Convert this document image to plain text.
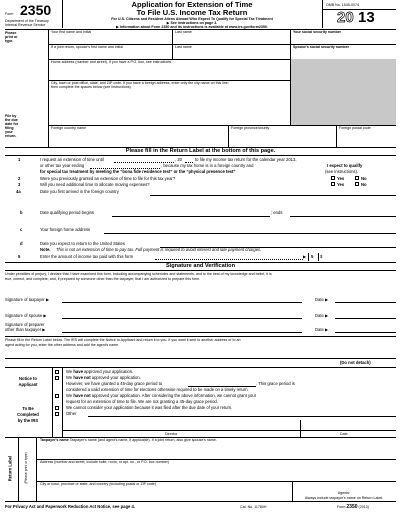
Form 2350
Department of the Treasury
Internal Revenue Service
Application for Extension of Time
To File U.S. Income Tax Return
For U.S. Citizens and Resident Aliens Abroad Who Expect To Qualify for Special Tax Treatment
▶ See instructions on page 3.
▶ Information about Form 2350 and its instructions is available at www.irs.gov/form2350.
OMB No. 1545-0074
20 13
Please
print or
type.
File by
the due
date for
filing
your
return.
Your first name and initial	Last name	Your social security number
If a joint return, spouse's first name and initial	Last name	Spouse's social security number
Home address (number and street). If you have a P.O. box, see instructions.
City, town or post office, state, and ZIP code. If you have a foreign address, enter only the city name on this line;
then complete the spaces below (see instructions).
Foreign country name	Foreign province/county	Foreign postal code
Please fill in the Return Label at the bottom of this page.
1	I request an extension of time until	, 20	to file my income tax return for the calendar year 2013,
or other tax year ending	, because my tax home is in a foreign country and	I expect to qualify
for special tax treatment by meeting the “bona fide residence test” or the “physical presence test”	(see instructions).
2	Were you previously granted an extension of time to file for this tax year?	Yes	No
3	Will you need additional time to allocate moving expenses?	Yes	No
4a	Date you first arrived in the foreign country
b	Date qualifying period begins	; ends
c	Your foreign home address
d	Date you expect to return to the United States
Note. This is not an extension of time to pay tax. Full payment is required to avoid interest and late payment charges.
5	Enter the amount of income tax paid with this form	▶ 5 $
Signature and Verification
Under penalties of perjury, I declare that I have examined this form, including accompanying schedules and statements, and to the best of my knowledge and belief, it is
true, correct, and complete; and, if prepared by someone other than the taxpayer, that I am authorized to prepare this form.
Signature of taxpayer ▶	Date ▶
Signature of spouse ▶	Date ▶
Signature of preparer
other than taxpayer ▶	Date ▶
Please fill in the Return Label below. The IRS will complete the Notice to Applicant and return it to you. If you want it sent to another address or to an
agent acting for you, enter the other address and add the agent's name.
(Do not detach)
Notice to
Applicant
To Be
Completed
by the IRS
We have approved your application.
We have not approved your application.
However, we have granted a 45-day grace period to	. This grace period is
considered a valid extension of time for elections otherwise required to be made on a timely return.
We have not approved your application. After considering the above information, we cannot grant your
request for an extension of time to file. We are not granting a 45-day grace period.
We cannot consider your application because it was filed after the due date of your return.
Other
Director	Date
Return Label	(Please print or type)
Taxpayer's name Taxpayer's name (and agent's name, if applicable). If a joint return, also give spouse's name.
Address (number and street, include suite, room, or apt. no., or P.O. box number)
City or town, province or state, and country (including postal or ZIP code)
Agents:
Always include taxpayer's name on Return Label.
For Privacy Act and Paperwork Reduction Act Notice, see page 4.	Cat. No. 11780H	Form 2350 (2013)
